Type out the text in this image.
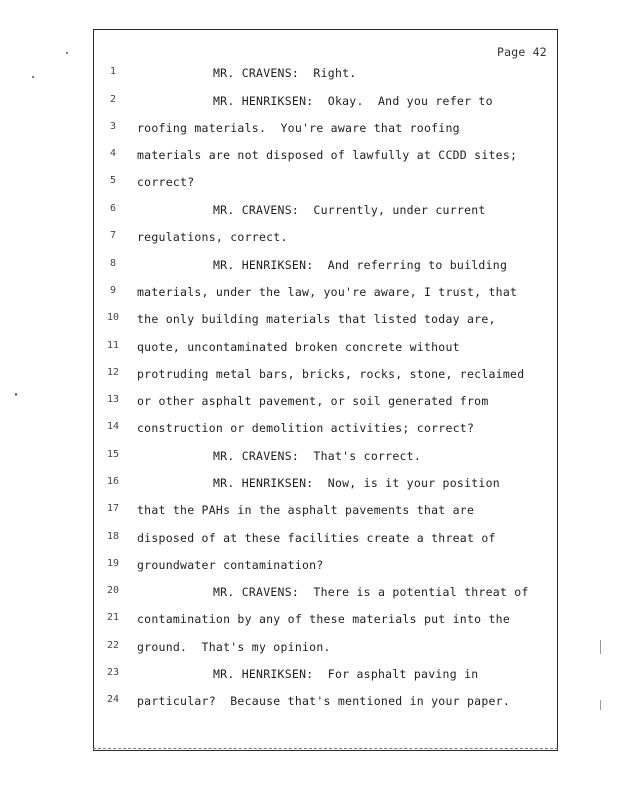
Page 42
1	MR. CRAVENS:  Right.
2	MR. HENRIKSEN:  Okay.  And you refer to
3	roofing materials.  You're aware that roofing
4	materials are not disposed of lawfully at CCDD sites;
5	correct?
6	MR. CRAVENS:  Currently, under current
7	regulations, correct.
8	MR. HENRIKSEN:  And referring to building
9	materials, under the law, you're aware, I trust, that
10	the only building materials that listed today are,
11	quote, uncontaminated broken concrete without
12	protruding metal bars, bricks, rocks, stone, reclaimed
13	or other asphalt pavement, or soil generated from
14	construction or demolition activities; correct?
15	MR. CRAVENS:  That's correct.
16	MR. HENRIKSEN:  Now, is it your position
17	that the PAHs in the asphalt pavements that are
18	disposed of at these facilities create a threat of
19	groundwater contamination?
20	MR. CRAVENS:  There is a potential threat of
21	contamination by any of these materials put into the
22	ground.  That's my opinion.
23	MR. HENRIKSEN:  For asphalt paving in
24	particular?  Because that's mentioned in your paper.
